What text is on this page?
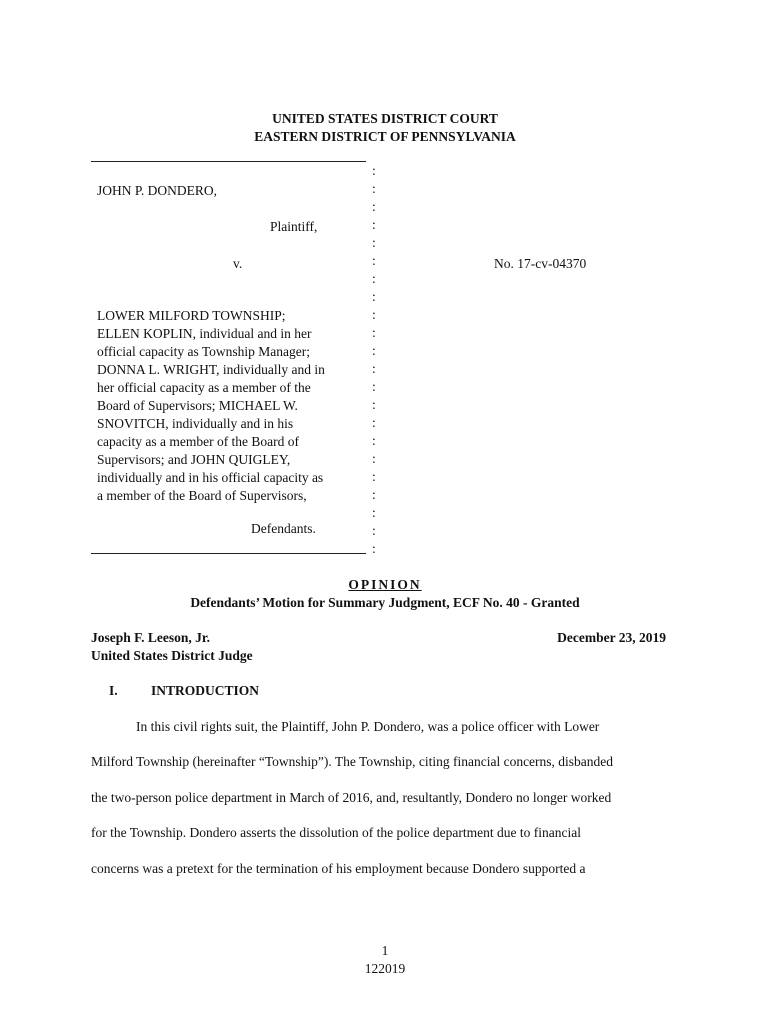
UNITED STATES DISTRICT COURT
EASTERN DISTRICT OF PENNSYLVANIA
JOHN P. DONDERO,
Plaintiff,
v.
LOWER MILFORD TOWNSHIP;
ELLEN KOPLIN, individual and in her
official capacity as Township Manager;
DONNA L. WRIGHT, individually and in
her official capacity as a member of the
Board of Supervisors; MICHAEL W.
SNOVITCH, individually and in his
capacity as a member of the Board of
Supervisors; and JOHN QUIGLEY,
individually and in his official capacity as
a member of the Board of Supervisors,
Defendants.
:
:
:
:
:
:
:
:
:
:
:
:
:
:
:
:
:
:
:
:
:
:
No. 17-cv-04370
OPINION
Defendants’ Motion for Summary Judgment, ECF No. 40 - Granted
Joseph F. Leeson, Jr.
United States District Judge
December 23, 2019
I. INTRODUCTION
In this civil rights suit, the Plaintiff, John P. Dondero, was a police officer with Lower
Milford Township (hereinafter “Township”). The Township, citing financial concerns, disbanded
the two-person police department in March of 2016, and, resultantly, Dondero no longer worked
for the Township. Dondero asserts the dissolution of the police department due to financial
concerns was a pretext for the termination of his employment because Dondero supported a
1
122019
